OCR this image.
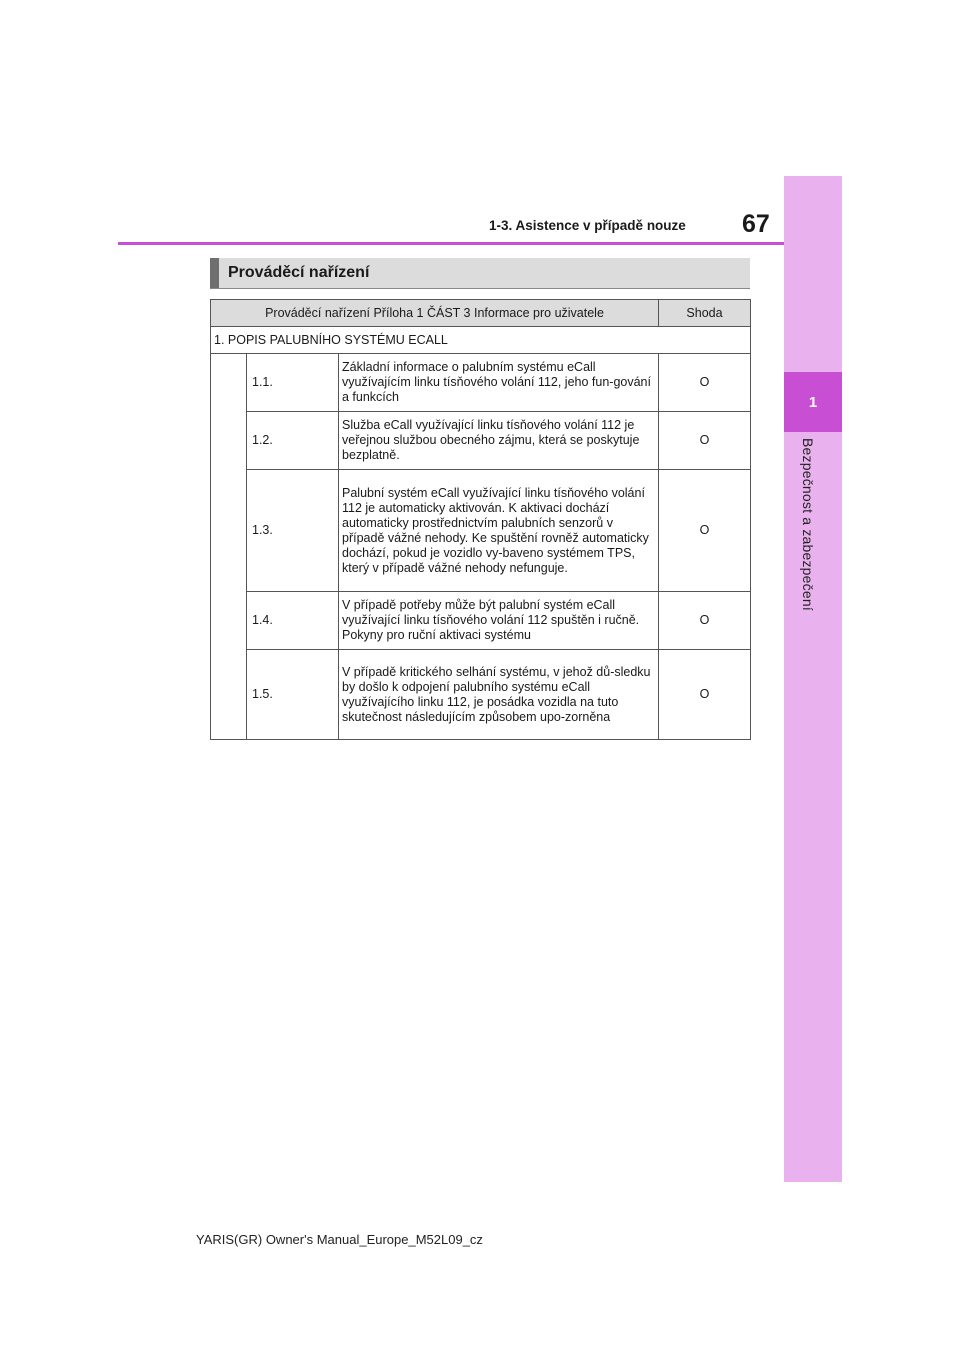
1
Bezpečnost a zabezpečení
1-3. Asistence v případě nouze 67
Prováděcí nařízení
Prováděcí nařízení Příloha 1 ČÁST 3 Informace pro uživatele			Shoda
1. POPIS PALUBNÍHO SYSTÉMU ECALL			
	1.1.	Základní informace o palubním systému eCall využívajícím linku tísňového volání 112, jeho fun-gování a funkcích	O
	1.2.	Služba eCall využívající linku tísňového volání 112 je veřejnou službou obecného zájmu, která se poskytuje bezplatně.	O
	1.3.	Palubní systém eCall využívající linku tísňového volání 112 je automaticky aktivován. K aktivaci dochází automaticky prostřednictvím palubních senzorů v případě vážné nehody. Ke spuštění rovněž automaticky dochází, pokud je vozidlo vy-baveno systémem TPS, který v případě vážné nehody nefunguje.	O
	1.4.	V případě potřeby může být palubní systém eCall využívající linku tísňového volání 112 spuštěn i ručně. Pokyny pro ruční aktivaci systému	O
	1.5.	V případě kritického selhání systému, v jehož dů-sledku by došlo k odpojení palubního systému eCall využívajícího linku 112, je posádka vozidla na tuto skutečnost následujícím způsobem upo-zorněna	O
YARIS(GR) Owner's Manual_Europe_M52L09_cz
